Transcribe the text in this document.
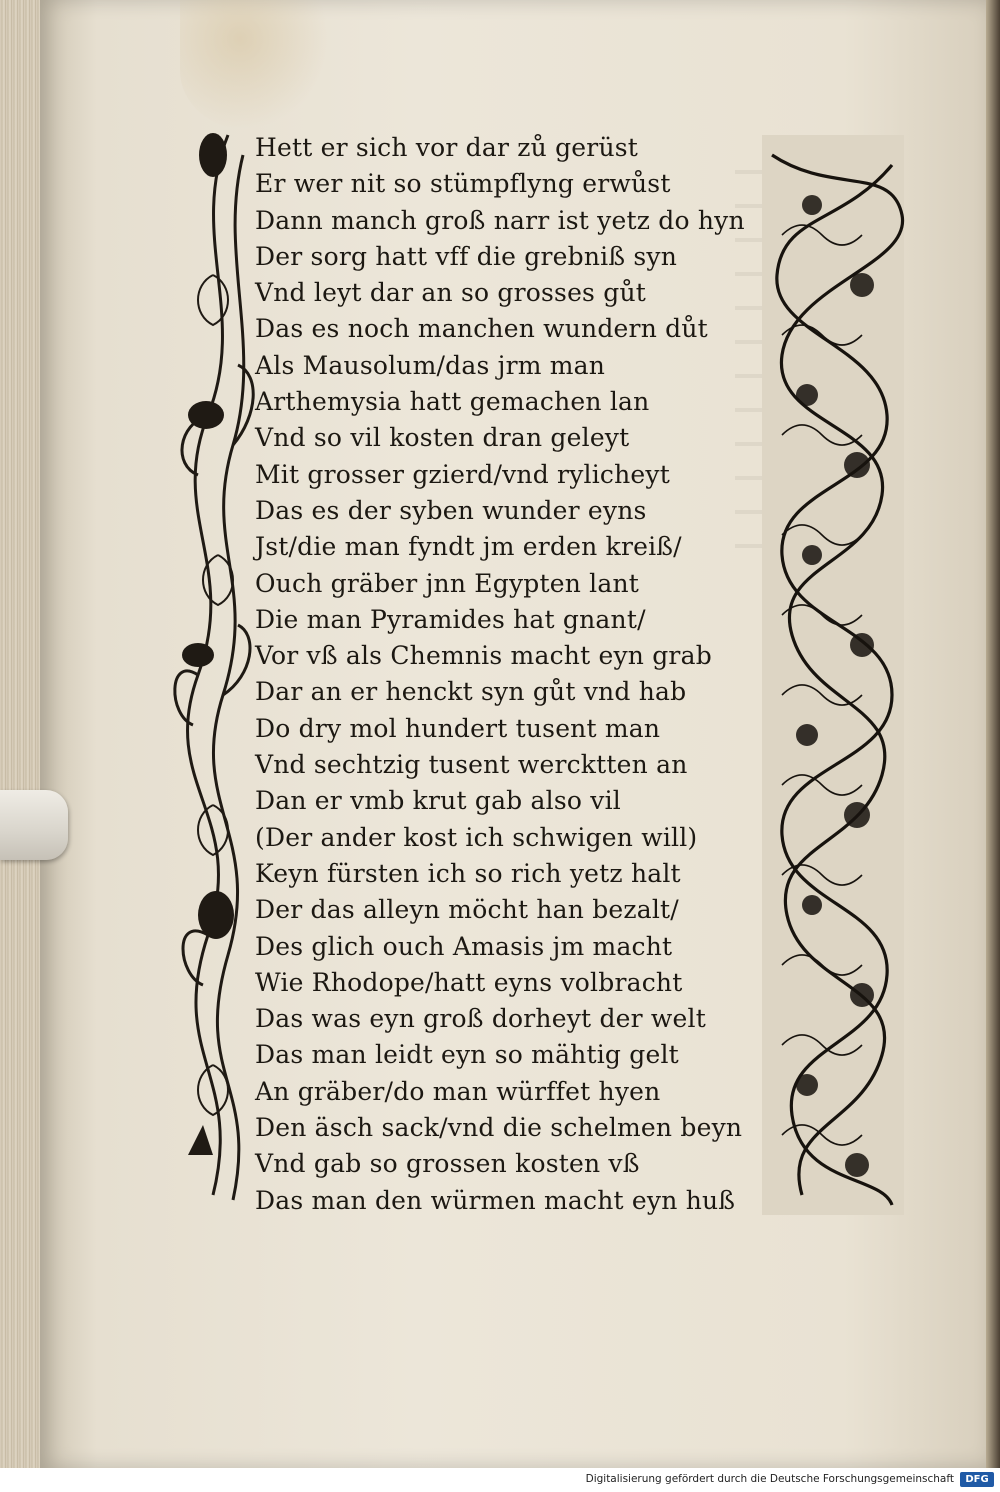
Hett er sich vor dar zů gerüst
Er wer nit so stümpflyng erwůst
Dann manch groß narr ist yetz do hyn
Der sorg hatt vff die grebniß syn
Vnd leyt dar an so grosses gůt
Das es noch manchen wundern důt
Als Mausolum/das jrm man
Arthemysia hatt gemachen lan
Vnd so vil kosten dran geleyt
Mit grosser gzierd/vnd rylicheyt
Das es der syben wunder eyns
Jst/die man fyndt jm erden kreiß/
Ouch gräber jnn Egypten lant
Die man Pyramides hat gnant/
Vor vß als Chemnis macht eyn grab
Dar an er henckt syn gůt vnd hab
Do dry mol hundert tusent man
Vnd sechtzig tusent wercktten an
Dan er vmb krut gab also vil
(Der ander kost ich schwigen will)
Keyn fürsten ich so rich yetz halt
Der das alleyn möcht han bezalt/
Des glich ouch Amasis jm macht
Wie Rhodope/hatt eyns volbracht
Das was eyn groß dorheyt der welt
Das man leidt eyn so mähtig gelt
An gräber/do man würffet hyen
Den äsch sack/vnd die schelmen beyn
Vnd gab so grossen kosten vß
Das man den würmen macht eyn huß
Digitalisierung gefördert durch die Deutsche Forschungsgemeinschaft	DFG
